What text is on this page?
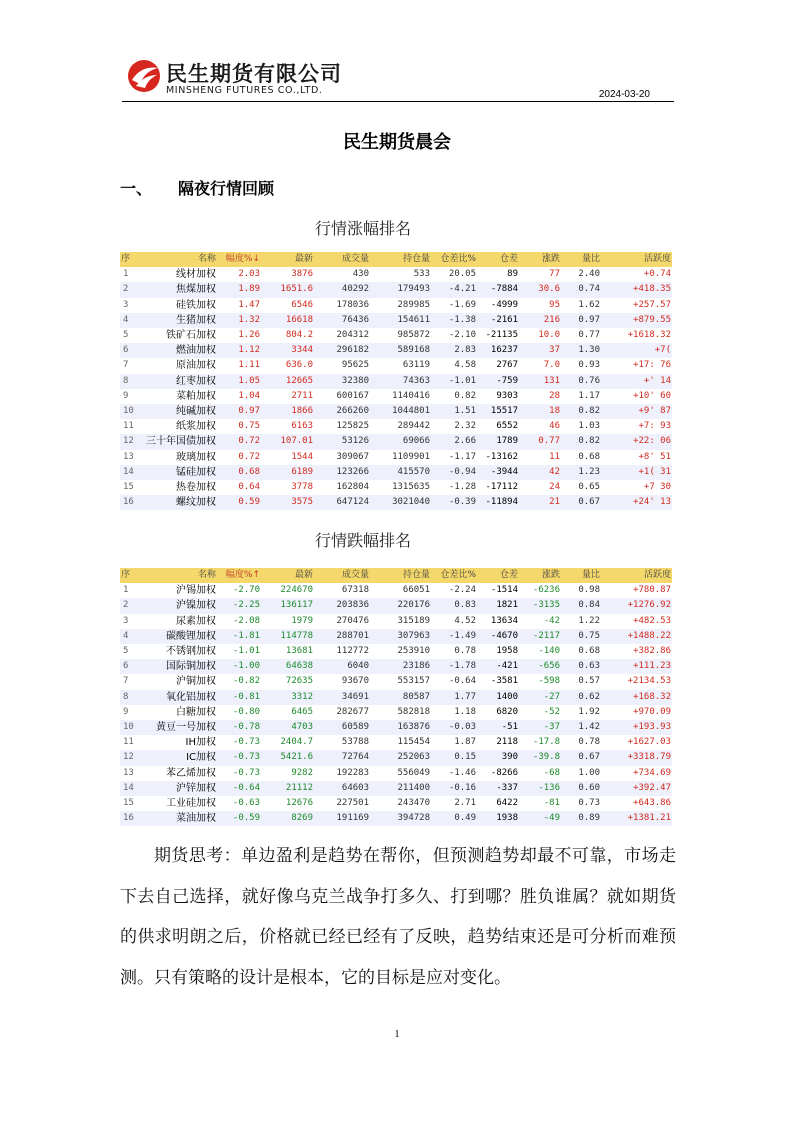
民生期货有限公司
MINSHENG FUTURES CO.,LTD.	2024-03-20
民生期货晨会
一、 隔夜行情回顾
行情涨幅排名
序	名称	幅度%↓	最新	成交量	持仓量	仓差比%	仓差	涨跌	量比	活跃度
1	线材加权	2.03	3876	430	533	20.05	89	77	2.40	+0.74
2	焦煤加权	1.89	1651.6	40292	179493	-4.21	-7884	30.6	0.74	+418.35
3	硅铁加权	1.47	6546	178036	289985	-1.69	-4999	95	1.62	+257.57
4	生猪加权	1.32	16618	76436	154611	-1.38	-2161	216	0.97	+879.55
5	铁矿石加权	1.26	804.2	204312	985872	-2.10	-21135	10.0	0.77	+1618.32
6	燃油加权	1.12	3344	296182	589168	2.83	16237	37	1.30	+7(
7	原油加权	1.11	636.0	95625	63119	4.58	2767	7.0	0.93	+17: 76
8	红枣加权	1.05	12665	32380	74363	-1.01	-759	131	0.76	+' 14
9	菜粕加权	1.04	2711	600167	1140416	0.82	9303	28	1.17	+10' 60
10	纯碱加权	0.97	1866	266260	1044801	1.51	15517	18	0.82	+9' 87
11	纸浆加权	0.75	6163	125825	289442	2.32	6552	46	1.03	+7: 93
12	三十年国债加权	0.72	107.01	53126	69066	2.66	1789	0.77	0.82	+22: 06
13	玻璃加权	0.72	1544	309067	1109901	-1.17	-13162	11	0.68	+8' 51
14	锰硅加权	0.68	6189	123266	415570	-0.94	-3944	42	1.23	+1( 31
15	热卷加权	0.64	3778	162804	1315635	-1.28	-17112	24	0.65	+7 30
16	螺纹加权	0.59	3575	647124	3021040	-0.39	-11894	21	0.67	+24' 13
行情跌幅排名
序	名称	幅度%↑	最新	成交量	持仓量	仓差比%	仓差	涨跌	量比	活跃度
1	沪锡加权	-2.70	224670	67318	66051	-2.24	-1514	-6236	0.98	+780.87
2	沪镍加权	-2.25	136117	203836	220176	0.83	1821	-3135	0.84	+1276.92
3	尿素加权	-2.08	1979	270476	315189	4.52	13634	-42	1.22	+482.53
4	碳酸锂加权	-1.81	114778	288701	307963	-1.49	-4670	-2117	0.75	+1488.22
5	不锈钢加权	-1.01	13681	112772	253910	0.78	1958	-140	0.68	+382.86
6	国际铜加权	-1.00	64638	6040	23186	-1.78	-421	-656	0.63	+111.23
7	沪铜加权	-0.82	72635	93670	553157	-0.64	-3581	-598	0.57	+2134.53
8	氧化铝加权	-0.81	3312	34691	80587	1.77	1400	-27	0.62	+168.32
9	白糖加权	-0.80	6465	282677	582818	1.18	6820	-52	1.92	+970.09
10	黄豆一号加权	-0.78	4703	60589	163876	-0.03	-51	-37	1.42	+193.93
11	IH加权	-0.73	2404.7	53788	115454	1.87	2118	-17.8	0.78	+1627.03
12	IC加权	-0.73	5421.6	72764	252063	0.15	390	-39.8	0.67	+3318.79
13	苯乙烯加权	-0.73	9282	192283	556049	-1.46	-8266	-68	1.00	+734.69
14	沪锌加权	-0.64	21112	64603	211400	-0.16	-337	-136	0.60	+392.47
15	工业硅加权	-0.63	12676	227501	243470	2.71	6422	-81	0.73	+643.86
16	菜油加权	-0.59	8269	191169	394728	0.49	1938	-49	0.89	+1381.21
期货思考：单边盈利是趋势在帮你，但预测趋势却最不可靠，市场走下去自己选择，就好像乌克兰战争打多久、打到哪？胜负谁属？就如期货的供求明朗之后，价格就已经已经有了反映，趋势结束还是可分析而难预测。只有策略的设计是根本，它的目标是应对变化。
1
